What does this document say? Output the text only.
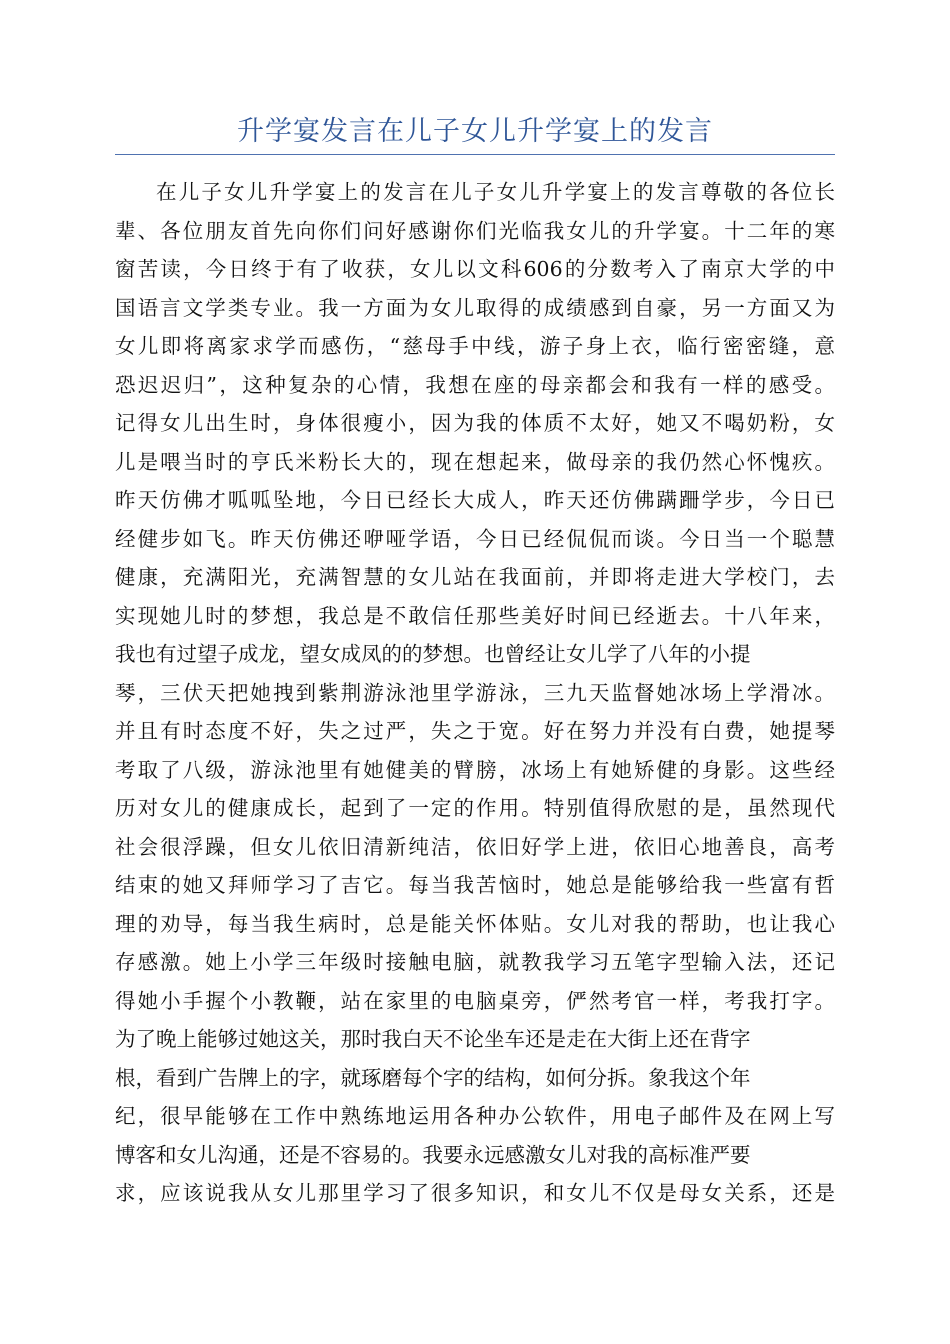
升学宴发言在儿子女儿升学宴上的发言
在儿子女儿升学宴上的发言在儿子女儿升学宴上的发言尊敬的各位长
辈、各位朋友首先向你们问好感谢你们光临我女儿的升学宴。十二年的寒
窗苦读，今日终于有了收获，女儿以文科606的分数考入了南京大学的中
国语言文学类专业。我一方面为女儿取得的成绩感到自豪，另一方面又为
女儿即将离家求学而感伤，“慈母手中线，游子身上衣，临行密密缝，意
恐迟迟归”，这种复杂的心情，我想在座的母亲都会和我有一样的感受。
记得女儿出生时，身体很瘦小，因为我的体质不太好，她又不喝奶粉，女
儿是喂当时的亨氏米粉长大的，现在想起来，做母亲的我仍然心怀愧疚。
昨天仿佛才呱呱坠地，今日已经长大成人，昨天还仿佛蹒跚学步，今日已
经健步如飞。昨天仿佛还咿哑学语，今日已经侃侃而谈。今日当一个聪慧
健康，充满阳光，充满智慧的女儿站在我面前，并即将走进大学校门，去
实现她儿时的梦想，我总是不敢信任那些美好时间已经逝去。十八年来，
我也有过望子成龙，望女成凤的的梦想。也曾经让女儿学了八年的小提
琴，三伏天把她拽到紫荆游泳池里学游泳，三九天监督她冰场上学滑冰。
并且有时态度不好，失之过严，失之于宽。好在努力并没有白费，她提琴
考取了八级，游泳池里有她健美的臂膀，冰场上有她矫健的身影。这些经
历对女儿的健康成长，起到了一定的作用。特别值得欣慰的是，虽然现代
社会很浮躁，但女儿依旧清新纯洁，依旧好学上进，依旧心地善良，高考
结束的她又拜师学习了吉它。每当我苦恼时，她总是能够给我一些富有哲
理的劝导，每当我生病时，总是能关怀体贴。女儿对我的帮助，也让我心
存感激。她上小学三年级时接触电脑，就教我学习五笔字型输入法，还记
得她小手握个小教鞭，站在家里的电脑桌旁，俨然考官一样，考我打字。
为了晚上能够过她这关，那时我白天不论坐车还是走在大街上还在背字
根，看到广告牌上的字，就琢磨每个字的结构，如何分拆。象我这个年
纪，很早能够在工作中熟练地运用各种办公软件，用电子邮件及在网上写
博客和女儿沟通，还是不容易的。我要永远感激女儿对我的高标准严要
求，应该说我从女儿那里学习了很多知识，和女儿不仅是母女关系，还是
